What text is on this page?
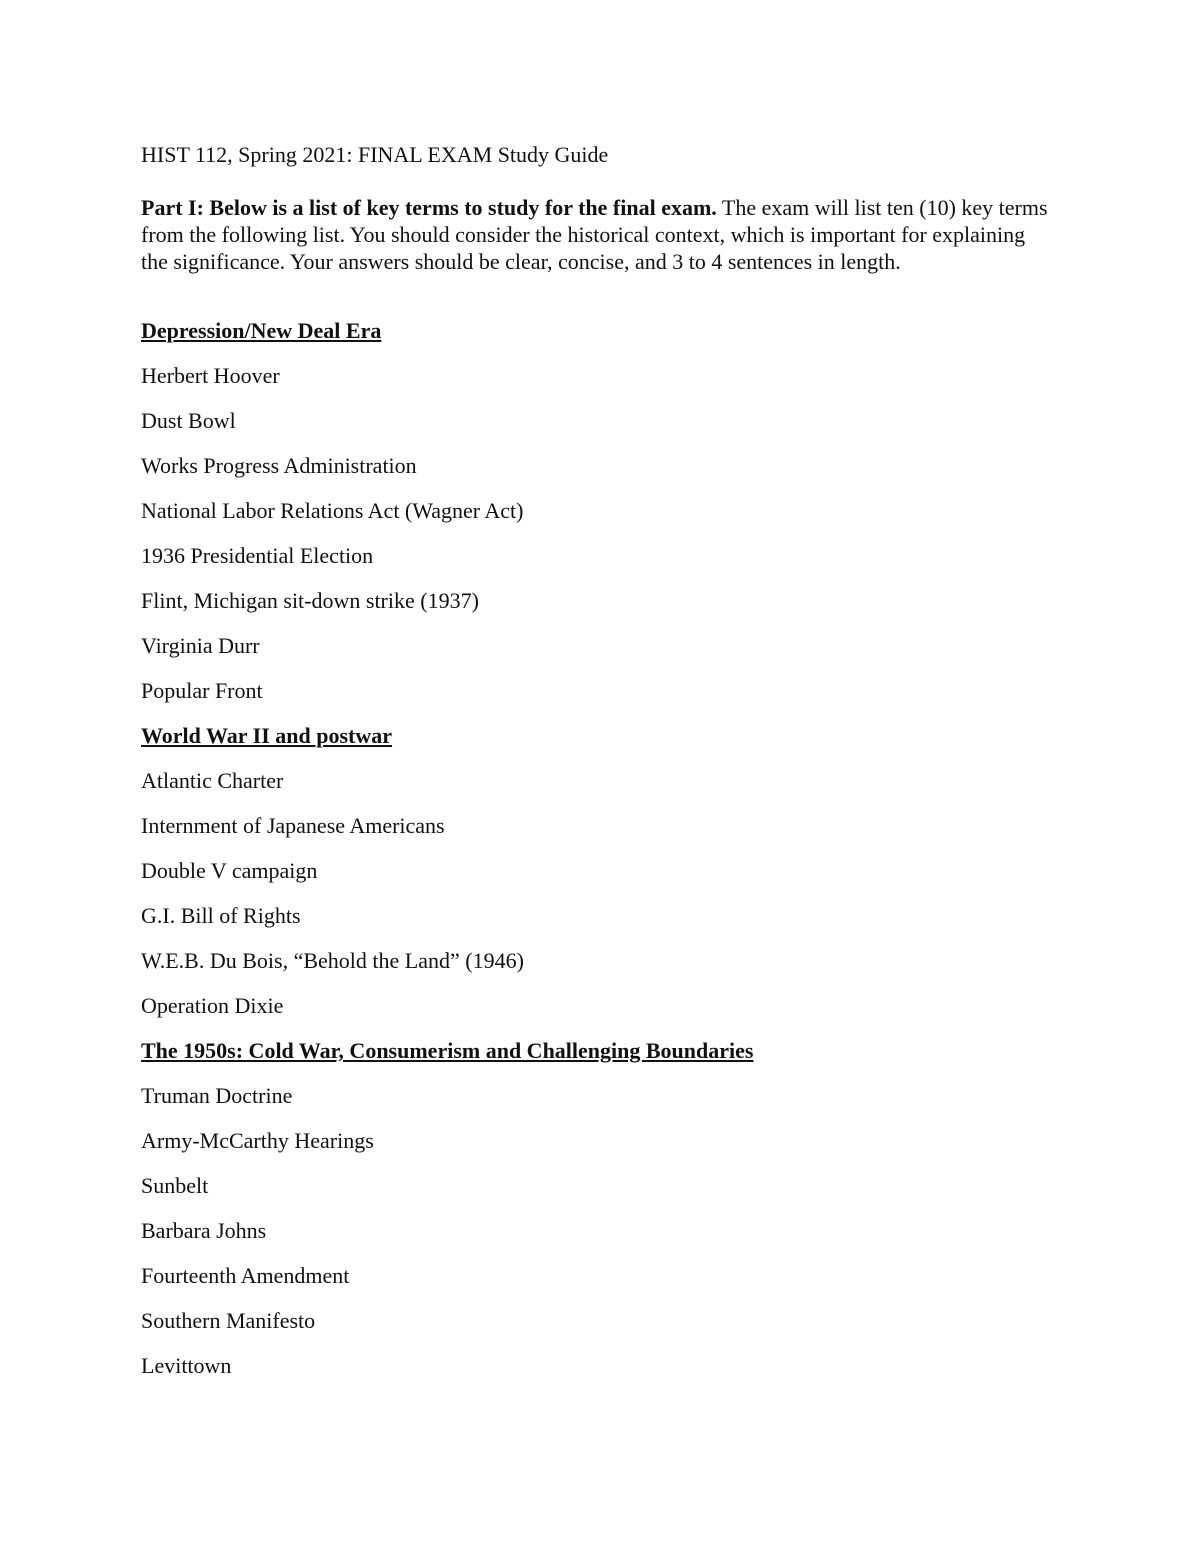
HIST 112, Spring 2021: FINAL EXAM Study Guide

Part I: Below is a list of key terms to study for the final exam. The exam will list ten (10) key terms from the following list. You should consider the historical context, which is important for explaining the significance. Your answers should be clear, concise, and 3 to 4 sentences in length.

Depression/New Deal Era

Herbert Hoover

Dust Bowl

Works Progress Administration

National Labor Relations Act (Wagner Act)

1936 Presidential Election

Flint, Michigan sit-down strike (1937)

Virginia Durr

Popular Front

World War II and postwar

Atlantic Charter

Internment of Japanese Americans

Double V campaign

G.I. Bill of Rights

W.E.B. Du Bois, “Behold the Land” (1946)

Operation Dixie

The 1950s: Cold War, Consumerism and Challenging Boundaries

Truman Doctrine

Army-McCarthy Hearings

Sunbelt

Barbara Johns

Fourteenth Amendment

Southern Manifesto

Levittown
